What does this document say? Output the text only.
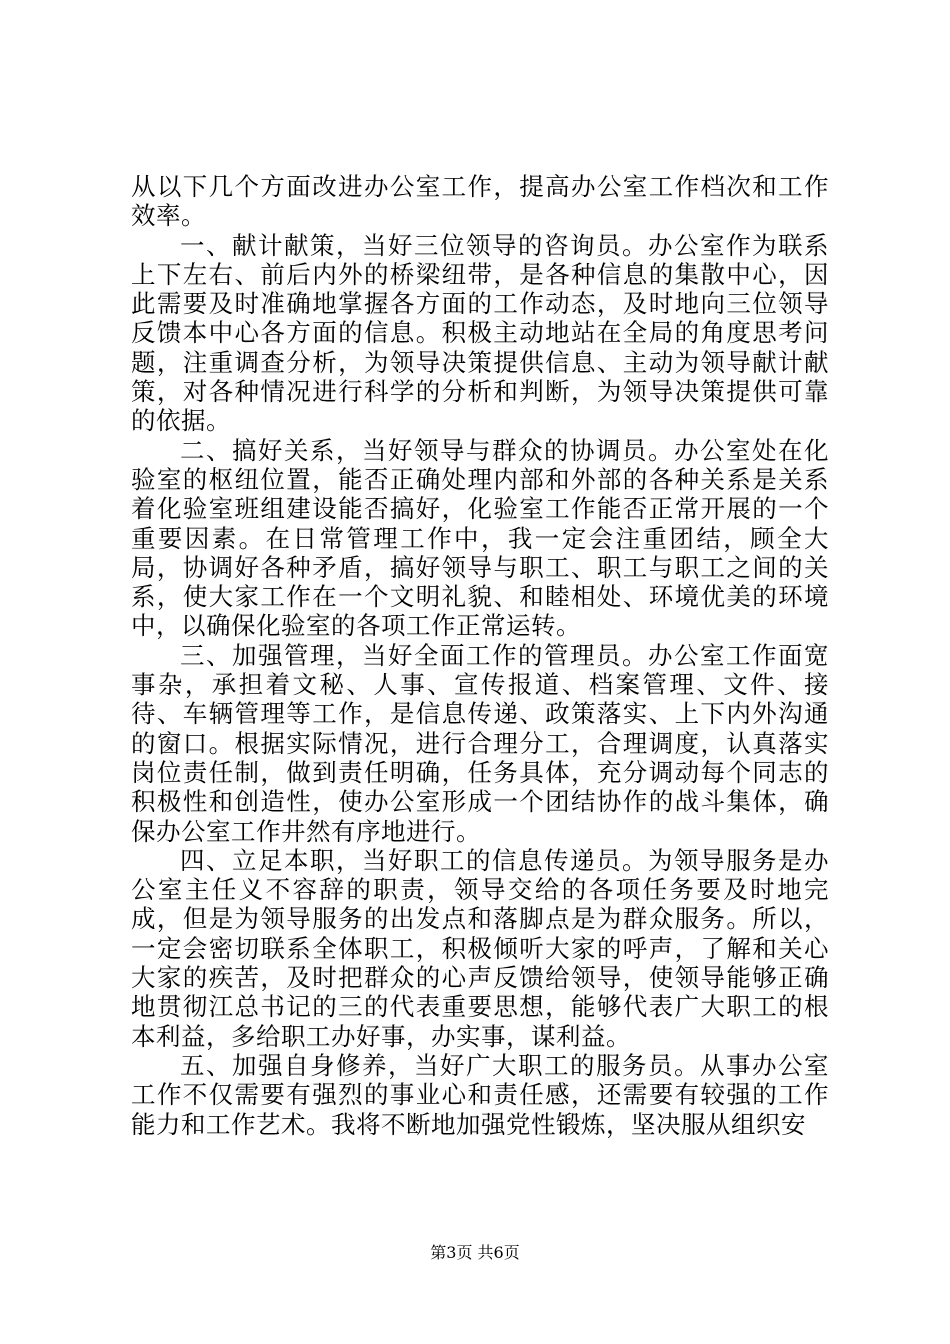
从以下几个方面改进办公室工作，提高办公室工作档次和工作效率。

一、献计献策，当好三位领导的咨询员。办公室作为联系上下左右、前后内外的桥梁纽带，是各种信息的集散中心，因此需要及时准确地掌握各方面的工作动态，及时地向三位领导反馈本中心各方面的信息。积极主动地站在全局的角度思考问题，注重调查分析，为领导决策提供信息、主动为领导献计献策，对各种情况进行科学的分析和判断，为领导决策提供可靠的依据。

二、搞好关系，当好领导与群众的协调员。办公室处在化验室的枢纽位置，能否正确处理内部和外部的各种关系是关系着化验室班组建设能否搞好，化验室工作能否正常开展的一个重要因素。在日常管理工作中，我一定会注重团结，顾全大局，协调好各种矛盾，搞好领导与职工、职工与职工之间的关系，使大家工作在一个文明礼貌、和睦相处、环境优美的环境中，以确保化验室的各项工作正常运转。

三、加强管理，当好全面工作的管理员。办公室工作面宽事杂，承担着文秘、人事、宣传报道、档案管理、文件、接待、车辆管理等工作，是信息传递、政策落实、上下内外沟通的窗口。根据实际情况，进行合理分工，合理调度，认真落实岗位责任制，做到责任明确，任务具体，充分调动每个同志的积极性和创造性，使办公室形成一个团结协作的战斗集体，确保办公室工作井然有序地进行。

四、立足本职，当好职工的信息传递员。为领导服务是办公室主任义不容辞的职责，领导交给的各项任务要及时地完成，但是为领导服务的出发点和落脚点是为群众服务。所以，一定会密切联系全体职工，积极倾听大家的呼声，了解和关心大家的疾苦，及时把群众的心声反馈给领导，使领导能够正确地贯彻江总书记的三的代表重要思想，能够代表广大职工的根本利益，多给职工办好事，办实事，谋利益。

五、加强自身修养，当好广大职工的服务员。从事办公室工作不仅需要有强烈的事业心和责任感，还需要有较强的工作能力和工作艺术。我将不断地加强党性锻炼，坚决服从组织安

第3页 共6页
